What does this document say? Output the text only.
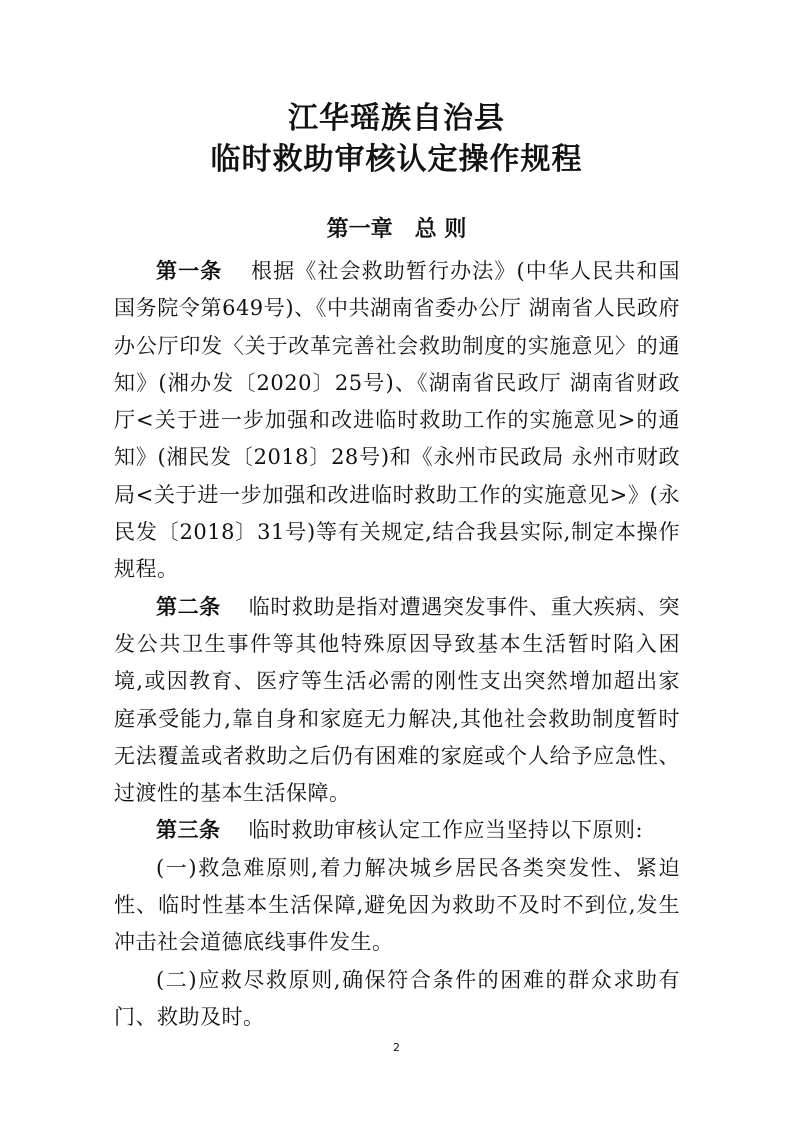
江华瑶族自治县
临时救助审核认定操作规程
第一章　总 则

第一条 根据《社会救助暂行办法》(中华人民共和国国务院令第649号)、《中共湖南省委办公厅 湖南省人民政府办公厅印发〈关于改革完善社会救助制度的实施意见〉的通知》(湘办发〔2020〕25号)、《湖南省民政厅 湖南省财政厅<关于进一步加强和改进临时救助工作的实施意见>的通知》(湘民发〔2018〕28号)和《永州市民政局 永州市财政局<关于进一步加强和改进临时救助工作的实施意见>》(永民发〔2018〕31号)等有关规定,结合我县实际,制定本操作规程。

第二条 临时救助是指对遭遇突发事件、重大疾病、突发公共卫生事件等其他特殊原因导致基本生活暂时陷入困境,或因教育、医疗等生活必需的刚性支出突然增加超出家庭承受能力,靠自身和家庭无力解决,其他社会救助制度暂时无法覆盖或者救助之后仍有困难的家庭或个人给予应急性、过渡性的基本生活保障。

第三条 临时救助审核认定工作应当坚持以下原则:

(一)救急难原则,着力解决城乡居民各类突发性、紧迫性、临时性基本生活保障,避免因为救助不及时不到位,发生冲击社会道德底线事件发生。

(二)应救尽救原则,确保符合条件的困难的群众求助有门、救助及时。

2
